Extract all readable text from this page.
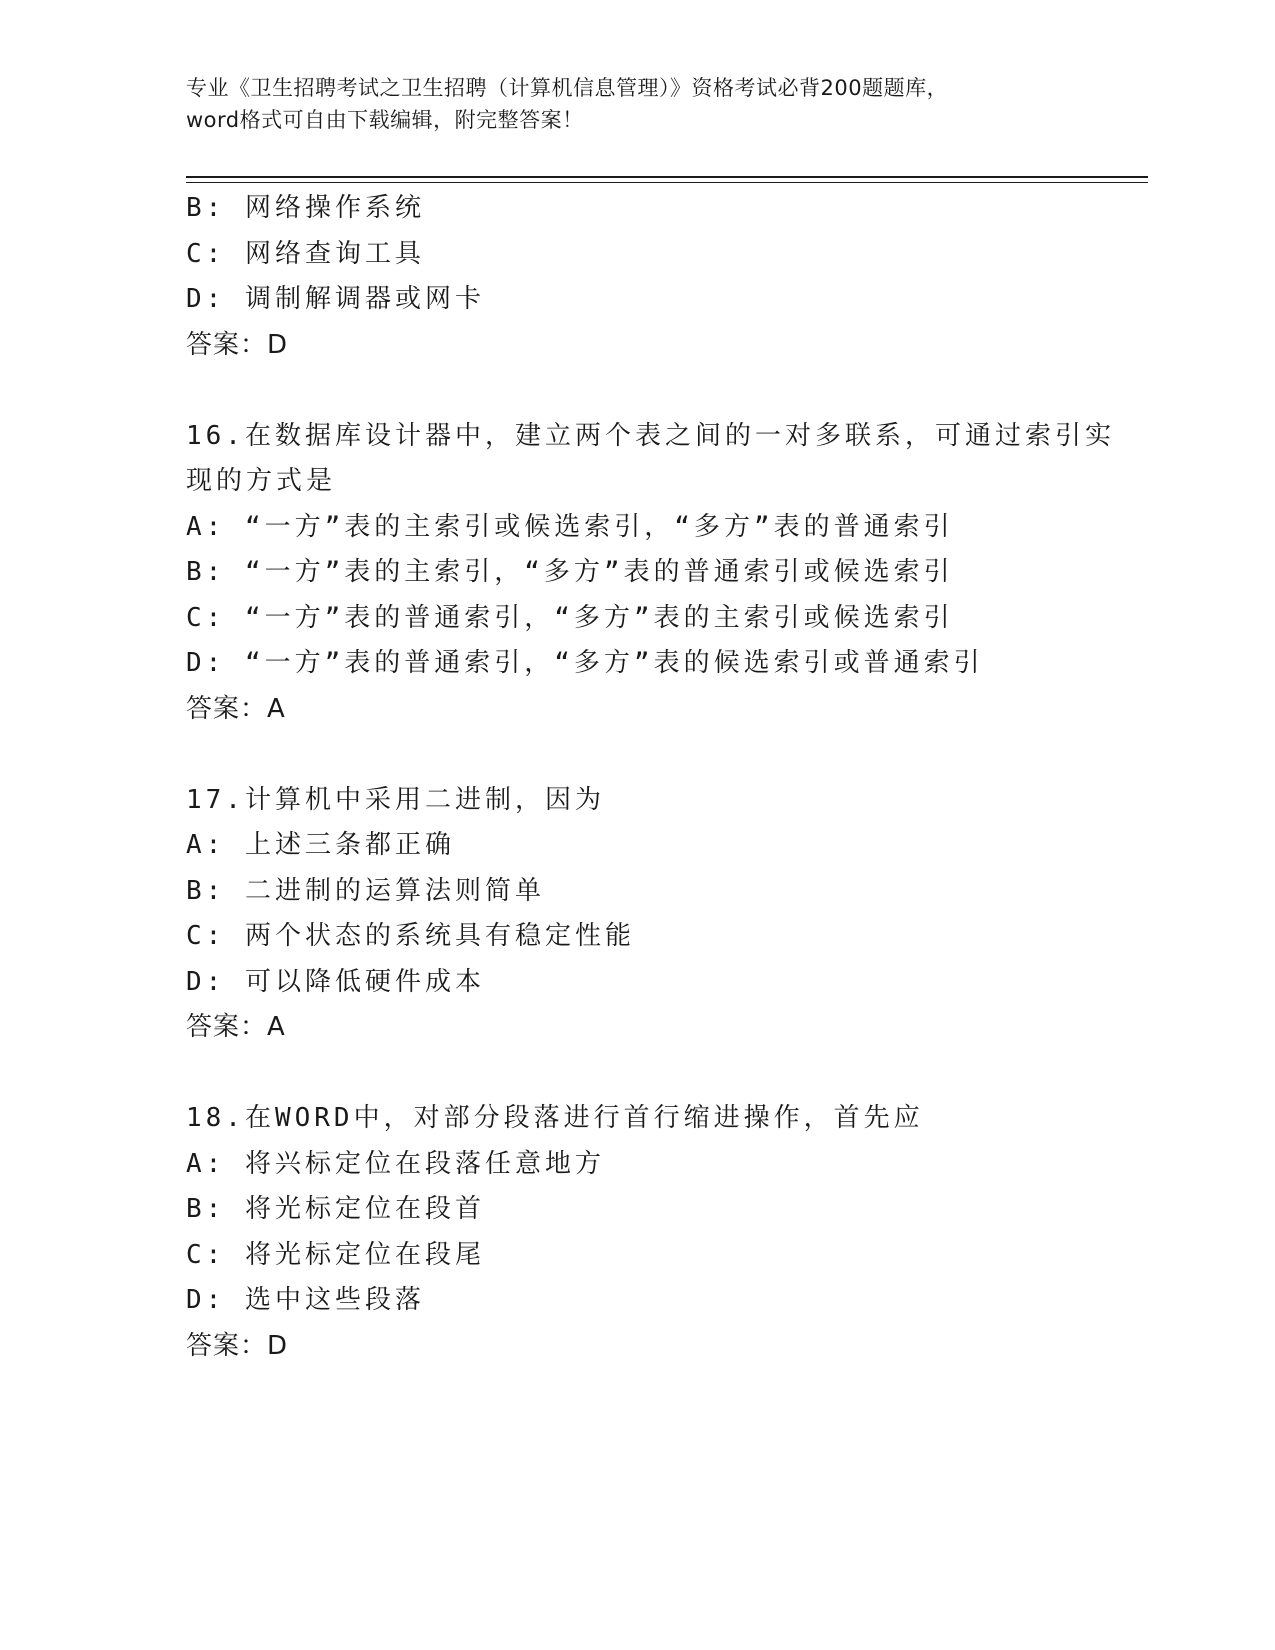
专业《卫生招聘考试之卫生招聘（计算机信息管理）》资格考试必背200题题库，
word格式可自由下载编辑，附完整答案！
B: 网络操作系统
C: 网络查询工具
D: 调制解调器或网卡
答案：D
16.在数据库设计器中，建立两个表之间的一对多联系，可通过索引实
现的方式是
A: “一方”表的主索引或候选索引，“多方”表的普通索引
B: “一方”表的主索引，“多方”表的普通索引或候选索引
C: “一方”表的普通索引，“多方”表的主索引或候选索引
D: “一方”表的普通索引，“多方”表的候选索引或普通索引
答案：A
17.计算机中采用二进制，因为
A: 上述三条都正确
B: 二进制的运算法则简单
C: 两个状态的系统具有稳定性能
D: 可以降低硬件成本
答案：A
18.在WORD中，对部分段落进行首行缩进操作，首先应
A: 将兴标定位在段落任意地方
B: 将光标定位在段首
C: 将光标定位在段尾
D: 选中这些段落
答案：D
